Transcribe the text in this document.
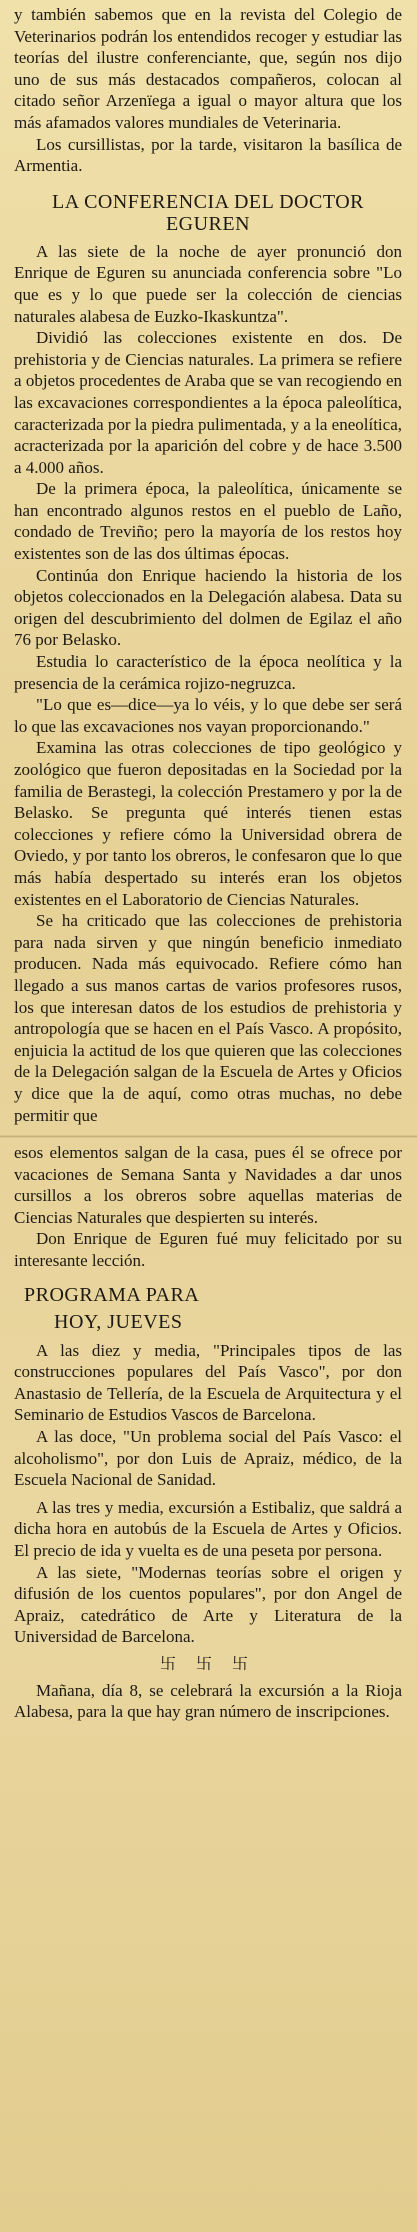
y también sabemos que en la revista del Colegio de Veterinarios podrán los entendidos recoger y estudiar las teorías del ilustre conferenciante, que, según nos dijo uno de sus más destacados compañeros, colocan al citado señor Arzenïega a igual o mayor altura que los más afamados valores mundiales de Veterinaria.

Los cursillistas, por la tarde, visitaron la basílica de Armentia.

LA CONFERENCIA DEL DOCTOR EGUREN

A las siete de la noche de ayer pronunció don Enrique de Eguren su anunciada conferencia sobre "Lo que es y lo que puede ser la colección de ciencias naturales alabesa de Euzko-Ikaskuntza".

Dividió las colecciones existente en dos. De prehistoria y de Ciencias naturales. La primera se refiere a objetos procedentes de Araba que se van recogiendo en las excavaciones correspondientes a la época paleolítica, caracterizada por la piedra pulimentada, y a la eneolítica, acracterizada por la aparición del cobre y de hace 3.500 a 4.000 años.

De la primera época, la paleolítica, únicamente se han encontrado algunos restos en el pueblo de Laño, condado de Treviño; pero la mayoría de los restos hoy existentes son de las dos últimas épocas.

Continúa don Enrique haciendo la historia de los objetos coleccionados en la Delegación alabesa. Data su origen del descubrimiento del dolmen de Egilaz el año 76 por Belasko.

Estudia lo característico de la época neolítica y la presencia de la cerámica rojizo-negruzca.

"Lo que es—dice—ya lo véis, y lo que debe ser será lo que las excavaciones nos vayan proporcionando."

Examina las otras colecciones de tipo geológico y zoológico que fueron depositadas en la Sociedad por la familia de Berastegi, la colección Prestamero y por la de Belasko. Se pregunta qué interés tienen estas colecciones y refiere cómo la Universidad obrera de Oviedo, y por tanto los obreros, le confesaron que lo que más había despertado su interés eran los objetos existentes en el Laboratorio de Ciencias Naturales.

Se ha criticado que las colecciones de prehistoria para nada sirven y que ningún beneficio inmediato producen. Nada más equivocado. Refiere cómo han llegado a sus manos cartas de varios profesores rusos, los que interesan datos de los estudios de prehistoria y antropología que se hacen en el País Vasco. A propósito, enjuicia la actitud de los que quieren que las colecciones de la Delegación salgan de la Escuela de Artes y Oficios y dice que la de aquí, como otras muchas, no debe permitir que

esos elementos salgan de la casa, pues él se ofrece por vacaciones de Semana Santa y Navidades a dar unos cursillos a los obreros sobre aquellas materias de Ciencias Naturales que despierten su interés.

Don Enrique de Eguren fué muy felicitado por su interesante lección.

PROGRAMA PARA

HOY, JUEVES

A las diez y media, "Principales tipos de las construcciones populares del País Vasco", por don Anastasio de Tellería, de la Escuela de Arquitectura y el Seminario de Estudios Vascos de Barcelona.

A las doce, "Un problema social del País Vasco: el alcoholismo", por don Luis de Apraiz, médico, de la Escuela Nacional de Sanidad.

A las tres y media, excursión a Estibaliz, que saldrá a dicha hora en autobús de la Escuela de Artes y Oficios. El precio de ida y vuelta es de una peseta por persona.

A las siete, "Modernas teorías sobre el origen y difusión de los cuentos populares", por don Angel de Apraiz, catedrático de Arte y Literatura de la Universidad de Barcelona.

卐 卐 卐

Mañana, día 8, se celebrará la excursión a la Rioja Alabesa, para la que hay gran número de inscripciones.
